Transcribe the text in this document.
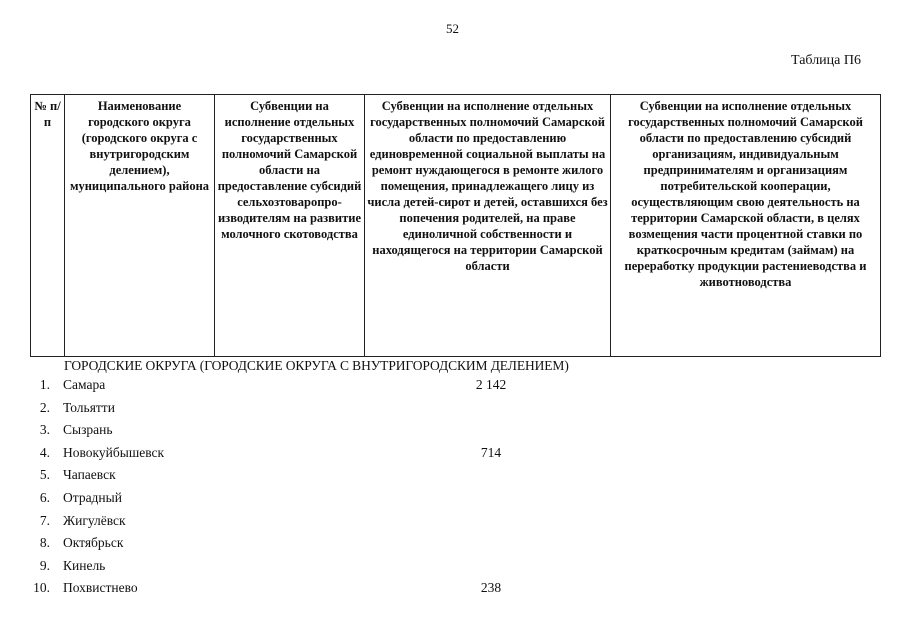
52
Таблица П6
№ п/п	Наименование городского округа (городского округа с внутригородским делением), муниципального района	Субвенции на исполнение отдельных государственных полномочий Самарской области на предоставление субсидий сельхозтоваропро-изводителям на развитие молочного скотоводства	Субвенции на исполнение отдельных государственных полномочий Самарской области по предоставлению единовременной социальной выплаты на ремонт нуждающегося в ремонте жилого помещения, принадлежащего лицу из числа детей-сирот и детей, оставшихся без попечения родителей, на праве единоличной собственности и находящегося на территории Самарской области	Субвенции на исполнение отдельных государственных полномочий Самарской области по предоставлению субсидий организациям, индивидуальным предпринимателям и организациям потребительской кооперации, осуществляющим свою деятельность на территории Самарской области, в целях возмещения части процентной ставки по краткосрочным кредитам (займам) на переработку продукции растениеводства и животноводства
ГОРОДСКИЕ ОКРУГА (ГОРОДСКИЕ ОКРУГА С ВНУТРИГОРОДСКИМ ДЕЛЕНИЕМ)
1. Самара	2 142
2. Тольятти
3. Сызрань
4. Новокуйбышевск	714
5. Чапаевск
6. Отрадный
7. Жигулёвск
8. Октябрьск
9. Кинель
10. Похвистнево	238
